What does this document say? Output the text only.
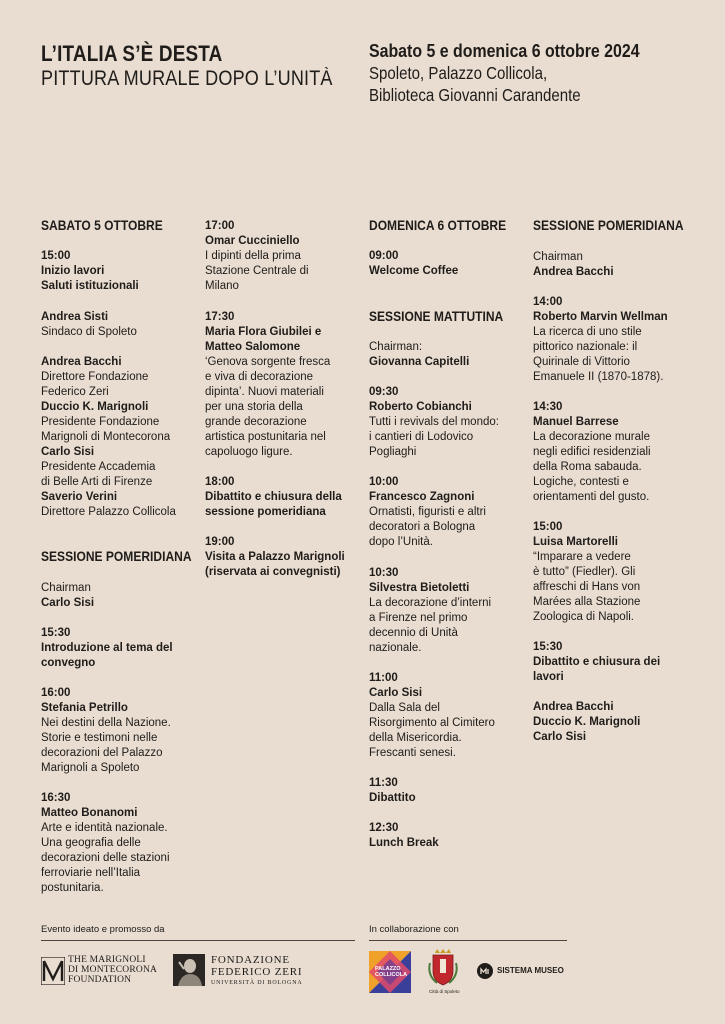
L’ITALIA S’È DESTA
PITTURA MURALE DOPO L’UNITÀ
Sabato 5 e domenica 6 ottobre 2024
Spoleto, Palazzo Collicola,
Biblioteca Giovanni Carandente
SABATO 5 OTTOBRE
15:00
Inizio lavori
Saluti istituzionali
Andrea Sisti
Sindaco di Spoleto
Andrea Bacchi
Direttore Fondazione
Federico Zeri
Duccio K. Marignoli
Presidente Fondazione
Marignoli di Montecorona
Carlo Sisi
Presidente Accademia
di Belle Arti di Firenze
Saverio Verini
Direttore Palazzo Collicola
SESSIONE POMERIDIANA
Chairman
Carlo Sisi
15:30
Introduzione al tema del
convegno
16:00
Stefania Petrillo
Nei destini della Nazione.
Storie e testimoni nelle
decorazioni del Palazzo
Marignoli a Spoleto
16:30
Matteo Bonanomi
Arte e identità nazionale.
Una geografia delle
decorazioni delle stazioni
ferroviarie nell’Italia
postunitaria.
17:00
Omar Cucciniello
I dipinti della prima
Stazione Centrale di
Milano
17:30
Maria Flora Giubilei e
Matteo Salomone
‘Genova sorgente fresca
e viva di decorazione
dipinta’. Nuovi materiali
per una storia della
grande decorazione
artistica postunitaria nel
capoluogo ligure.
18:00
Dibattito e chiusura della
sessione pomeridiana
19:00
Visita a Palazzo Marignoli
(riservata ai convegnisti)
DOMENICA 6 OTTOBRE
09:00
Welcome Coffee
SESSIONE MATTUTINA
Chairman:
Giovanna Capitelli
09:30
Roberto Cobianchi
Tutti i revivals del mondo:
i cantieri di Lodovico
Pogliaghi
10:00
Francesco Zagnoni
Ornatisti, figuristi e altri
decoratori a Bologna
dopo l’Unità.
10:30
Silvestra Bietoletti
La decorazione d’interni
a Firenze nel primo
decennio di Unità
nazionale.
11:00
Carlo Sisi
Dalla Sala del
Risorgimento al Cimitero
della Misericordia.
Frescanti senesi.
11:30
Dibattito
12:30
Lunch Break
SESSIONE POMERIDIANA
Chairman
Andrea Bacchi
14:00
Roberto Marvin Wellman
La ricerca di uno stile
pittorico nazionale: il
Quirinale di Vittorio
Emanuele II (1870-1878).
14:30
Manuel Barrese
La decorazione murale
negli edifici residenziali
della Roma sabauda.
Logiche, contesti e
orientamenti del gusto.
15:00
Luisa Martorelli
“Imparare a vedere
è tutto” (Fiedler). Gli
affreschi di Hans von
Marées alla Stazione
Zoologica di Napoli.
15:30
Dibattito e chiusura dei
lavori
Andrea Bacchi
Duccio K. Marignoli
Carlo Sisi
Evento ideato e promosso da	In collaborazione con
THE MARIGNOLI
DI MONTECORONA
FOUNDATION
FONDAZIONE
FEDERICO ZERI
UNIVERSITÀ DI BOLOGNA
PALAZZO
COLLICOLA
Città di Spoleto
SISTEMA MUSEO
